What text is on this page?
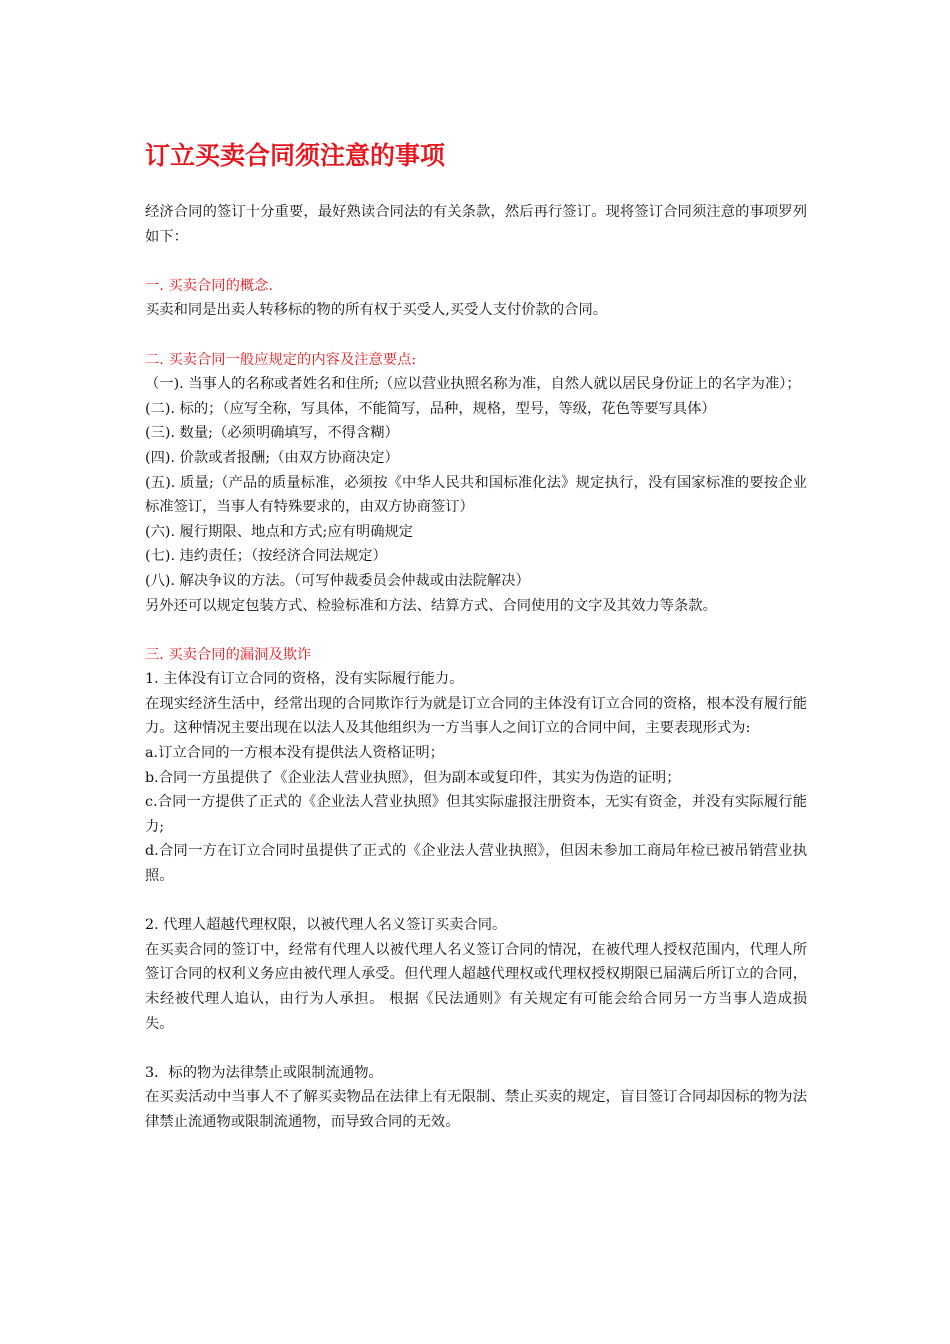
订立买卖合同须注意的事项

经济合同的签订十分重要，最好熟读合同法的有关条款，然后再行签订。现将签订合同须注意的事项罗列如下：

一. 买卖合同的概念.

买卖和同是出卖人转移标的物的所有权于买受人,买受人支付价款的合同。

二. 买卖合同一般应规定的内容及注意要点:

（一). 当事人的名称或者姓名和住所;（应以营业执照名称为准，自然人就以居民身份证上的名字为准）；

(二). 标的；（应写全称，写具体，不能简写，品种，规格，型号，等级，花色等要写具体）

(三). 数量;（必须明确填写，不得含糊）

(四). 价款或者报酬;（由双方协商决定）

(五). 质量;（产品的质量标准，必须按《中华人民共和国标准化法》规定执行，没有国家标准的要按企业标准签订，当事人有特殊要求的，由双方协商签订）

(六). 履行期限、地点和方式;应有明确规定

(七). 违约责任；（按经济合同法规定）

(八). 解决争议的方法。（可写仲裁委员会仲裁或由法院解决）

另外还可以规定包装方式、检验标准和方法、结算方式、合同使用的文字及其效力等条款。

三. 买卖合同的漏洞及欺诈

1. 主体没有订立合同的资格，没有实际履行能力。

在现实经济生活中，经常出现的合同欺诈行为就是订立合同的主体没有订立合同的资格，根本没有履行能力。这种情况主要出现在以法人及其他组织为一方当事人之间订立的合同中间，主要表现形式为:

a.订立合同的一方根本没有提供法人资格证明；

b.合同一方虽提供了《企业法人营业执照》，但为副本或复印件，其实为伪造的证明；

c.合同一方提供了正式的《企业法人营业执照》但其实际虚报注册资本，无实有资金，并没有实际履行能力;

d.合同一方在订立合同时虽提供了正式的《企业法人营业执照》，但因未参加工商局年检已被吊销营业执照。

2. 代理人超越代理权限，以被代理人名义签订买卖合同。

在买卖合同的签订中，经常有代理人以被代理人名义签订合同的情况，在被代理人授权范围内，代理人所签订合同的权利义务应由被代理人承受。但代理人超越代理权或代理权授权期限已届满后所订立的合同，未经被代理人追认，由行为人承担。 根据《民法通则》有关规定有可能会给合同另一方当事人造成损失。

3．标的物为法律禁止或限制流通物。

在买卖活动中当事人不了解买卖物品在法律上有无限制、禁止买卖的规定，盲目签订合同却因标的物为法律禁止流通物或限制流通物，而导致合同的无效。
